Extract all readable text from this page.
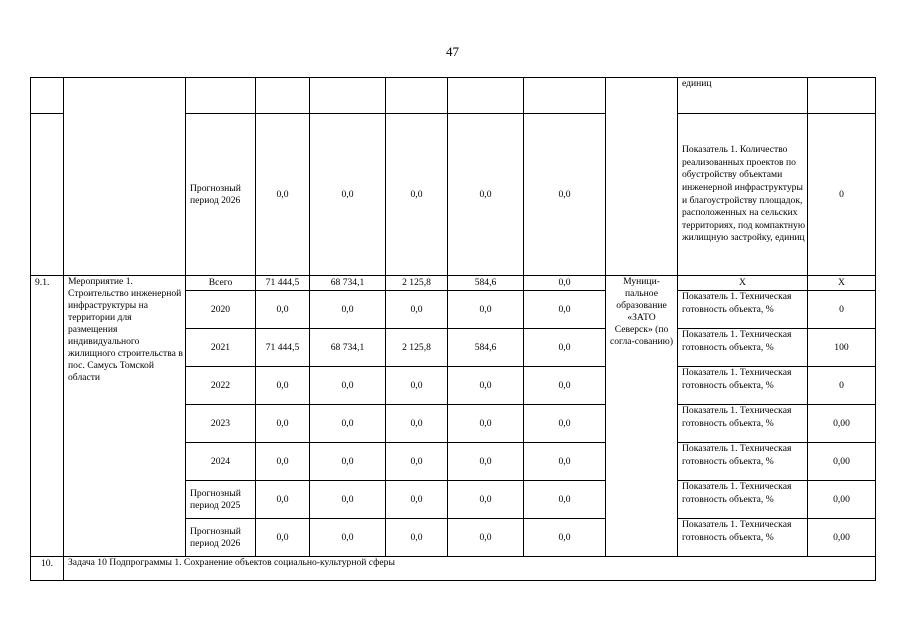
47
									единиц	
		Прогнозный период 2026	0,0	0,0	0,0	0,0	0,0		Показатель 1. Количество реализованных проектов по обустройству объектами инженерной инфраструктуры и благоустройству площадок, расположенных на сельских территориях, под компактную жилищную застройку, единиц	0
9.1.	Мероприятие 1. Строительство инженерной инфраструктуры на территории для размещения индивидуального жилищного строительства в пос. Самусь Томской области	Всего	71 444,5	68 734,1	2 125,8	584,6	0,0	Муници-пальное образование «ЗАТО Северск» (по согла-сованию)	X	X
		2020	0,0	0,0	0,0	0,0	0,0		Показатель 1. Техническая готовность объекта, %	0
		2021	71 444,5	68 734,1	2 125,8	584,6	0,0		Показатель 1. Техническая готовность объекта, %	100
		2022	0,0	0,0	0,0	0,0	0,0		Показатель 1. Техническая готовность объекта, %	0
		2023	0,0	0,0	0,0	0,0	0,0		Показатель 1. Техническая готовность объекта, %	0,00
		2024	0,0	0,0	0,0	0,0	0,0		Показатель 1. Техническая готовность объекта, %	0,00
		Прогнозный период 2025	0,0	0,0	0,0	0,0	0,0		Показатель 1. Техническая готовность объекта, %	0,00
		Прогнозный период 2026	0,0	0,0	0,0	0,0	0,0		Показатель 1. Техническая готовность объекта, %	0,00
10.	Задача 10 Подпрограммы 1. Сохранение объектов социально-культурной сферы									
